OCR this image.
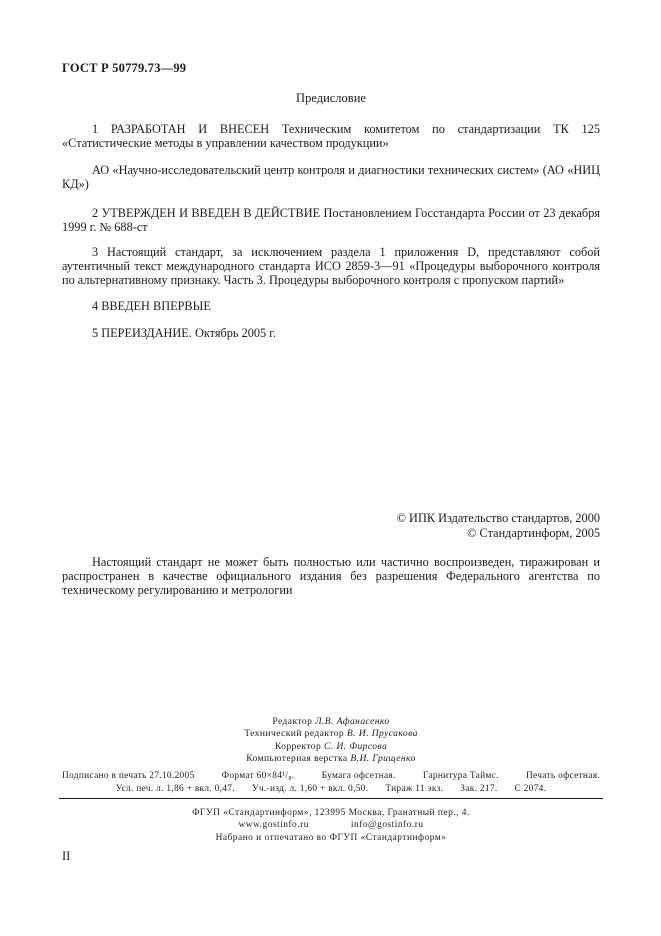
ГОСТ Р 50779.73—99
Предисловие
1 РАЗРАБОТАН И ВНЕСЕН Техническим комитетом по стандартизации ТК 125 «Статистические методы в управлении качеством продукции»
АО «Научно-исследовательский центр контроля и диагностики технических систем» (АО «НИЦ КД»)
2 УТВЕРЖДЕН И ВВЕДЕН В ДЕЙСТВИЕ Постановлением Госстандарта России от 23 декабря 1999 г. № 688-ст
3 Настоящий стандарт, за исключением раздела 1 приложения D, представляют собой аутентичный текст международного стандарта ИСО 2859-3—91 «Процедуры выборочного контроля по альтернативному признаку. Часть 3. Процедуры выборочного контроля с пропуском партий»
4 ВВЕДЕН ВПЕРВЫЕ
5 ПЕРЕИЗДАНИЕ. Октябрь 2005 г.
© ИПК Издательство стандартов, 2000
© Стандартинформ, 2005
Настоящий стандарт не может быть полностью или частично воспроизведен, тиражирован и распространен в качестве официального издания без разрешения Федерального агентства по техническому регулированию и метрологии
Редактор Л.В. Афанасенко
Технический редактор В. И. Прусакова
Корректор С. И. Фирсова
Компьютерная верстка В.И. Грищенко
Подписано в печать 27.10.2005	Формат 60×84¹/₈.	Бумага офсетная.	Гарнитура Таймс.	Печать офсетная.
Усл. печ. л. 1,86 + вкл. 0,47. Уч.-изд. л. 1,60 + вкл. 0,50. Тираж 11 экз. Зак. 217. С 2074.
ФГУП «Стандартинформ», 123995 Москва, Гранатный пер., 4.
www.gostinfo.ru	info@gostinfo.ru
Набрано и отпечатано во ФГУП «Стандартинформ»
II
